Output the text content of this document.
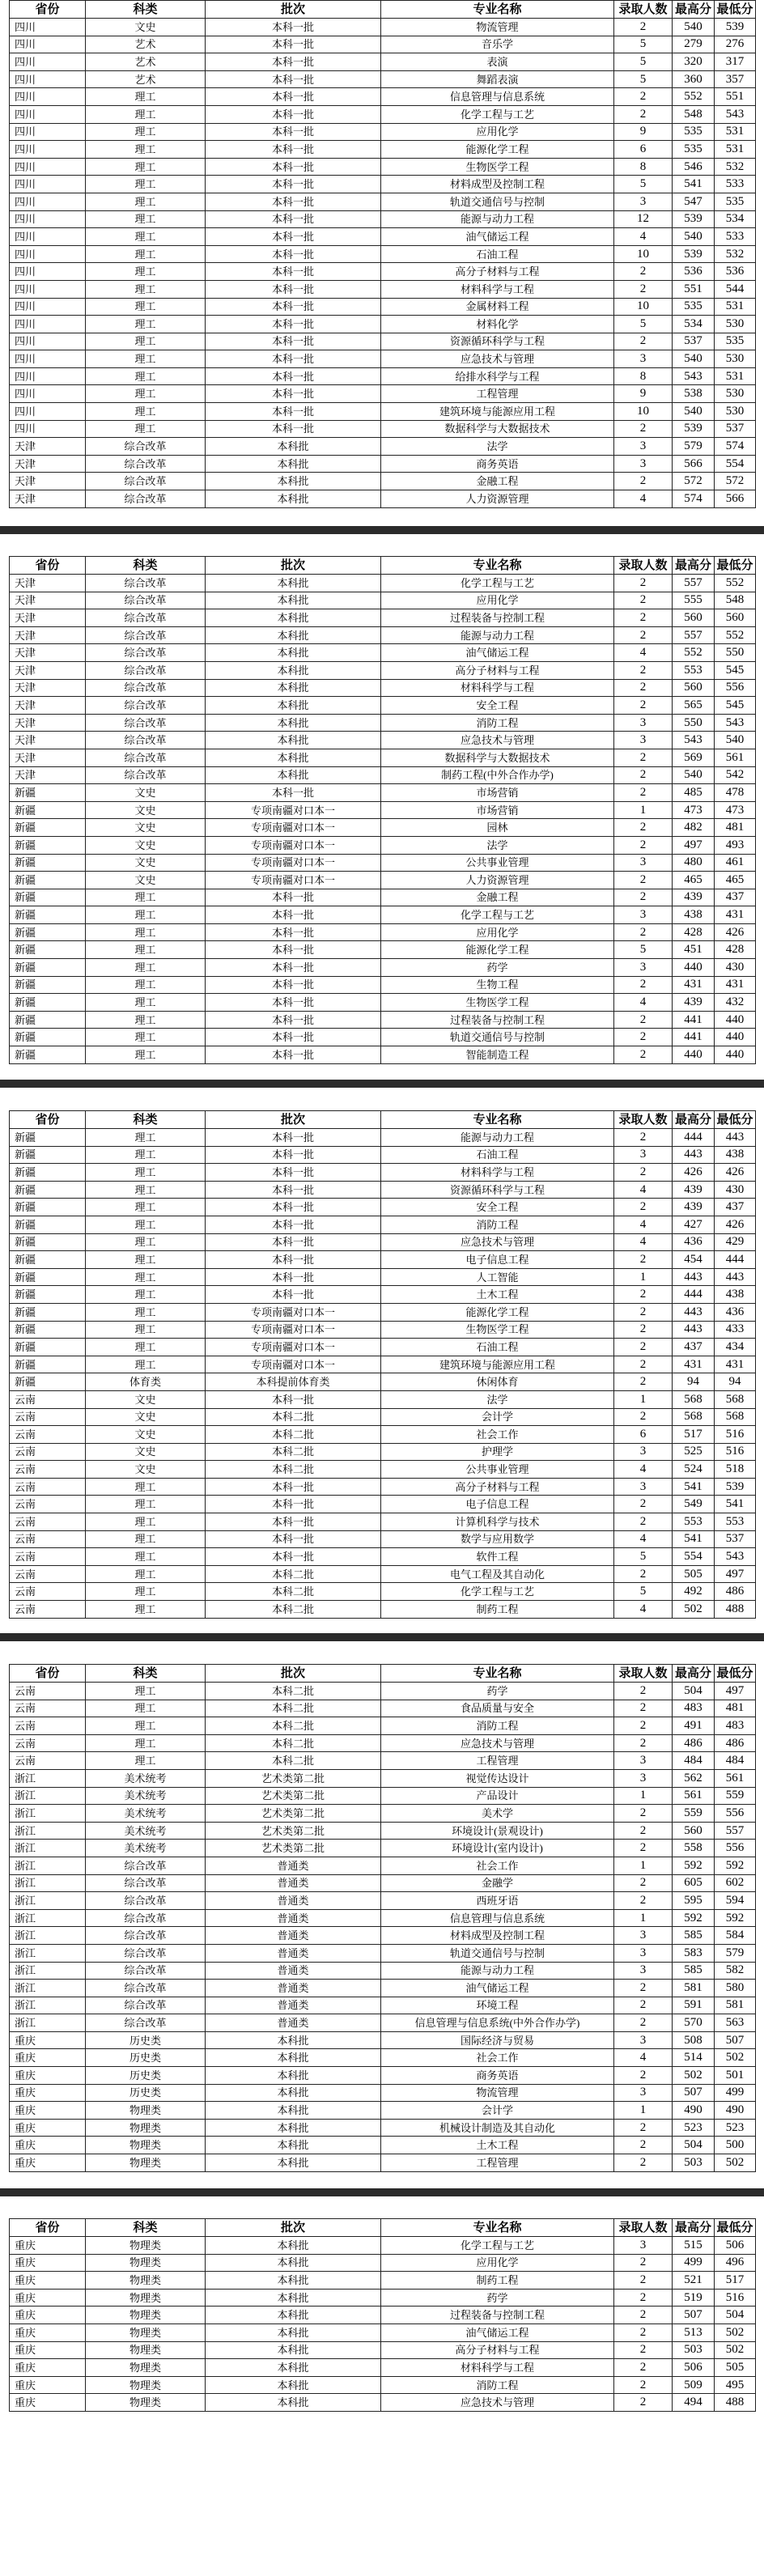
省份	科类	批次	专业名称	录取人数	最高分	最低分
四川	文史	本科一批	物流管理	2	540	539
四川	艺术	本科一批	音乐学	5	279	276
四川	艺术	本科一批	表演	5	320	317
四川	艺术	本科一批	舞蹈表演	5	360	357
四川	理工	本科一批	信息管理与信息系统	2	552	551
四川	理工	本科一批	化学工程与工艺	2	548	543
四川	理工	本科一批	应用化学	9	535	531
四川	理工	本科一批	能源化学工程	6	535	531
四川	理工	本科一批	生物医学工程	8	546	532
四川	理工	本科一批	材料成型及控制工程	5	541	533
四川	理工	本科一批	轨道交通信号与控制	3	547	535
四川	理工	本科一批	能源与动力工程	12	539	534
四川	理工	本科一批	油气储运工程	4	540	533
四川	理工	本科一批	石油工程	10	539	532
四川	理工	本科一批	高分子材料与工程	2	536	536
四川	理工	本科一批	材料科学与工程	2	551	544
四川	理工	本科一批	金属材料工程	10	535	531
四川	理工	本科一批	材料化学	5	534	530
四川	理工	本科一批	资源循环科学与工程	2	537	535
四川	理工	本科一批	应急技术与管理	3	540	530
四川	理工	本科一批	给排水科学与工程	8	543	531
四川	理工	本科一批	工程管理	9	538	530
四川	理工	本科一批	建筑环境与能源应用工程	10	540	530
四川	理工	本科一批	数据科学与大数据技术	2	539	537
天津	综合改革	本科批	法学	3	579	574
天津	综合改革	本科批	商务英语	3	566	554
天津	综合改革	本科批	金融工程	2	572	572
天津	综合改革	本科批	人力资源管理	4	574	566
省份	科类	批次	专业名称	录取人数	最高分	最低分
天津	综合改革	本科批	化学工程与工艺	2	557	552
天津	综合改革	本科批	应用化学	2	555	548
天津	综合改革	本科批	过程装备与控制工程	2	560	560
天津	综合改革	本科批	能源与动力工程	2	557	552
天津	综合改革	本科批	油气储运工程	4	552	550
天津	综合改革	本科批	高分子材料与工程	2	553	545
天津	综合改革	本科批	材料科学与工程	2	560	556
天津	综合改革	本科批	安全工程	2	565	545
天津	综合改革	本科批	消防工程	3	550	543
天津	综合改革	本科批	应急技术与管理	3	543	540
天津	综合改革	本科批	数据科学与大数据技术	2	569	561
天津	综合改革	本科批	制药工程(中外合作办学)	2	540	542
新疆	文史	本科一批	市场营销	2	485	478
新疆	文史	专项南疆对口本一	市场营销	1	473	473
新疆	文史	专项南疆对口本一	园林	2	482	481
新疆	文史	专项南疆对口本一	法学	2	497	493
新疆	文史	专项南疆对口本一	公共事业管理	3	480	461
新疆	文史	专项南疆对口本一	人力资源管理	2	465	465
新疆	理工	本科一批	金融工程	2	439	437
新疆	理工	本科一批	化学工程与工艺	3	438	431
新疆	理工	本科一批	应用化学	2	428	426
新疆	理工	本科一批	能源化学工程	5	451	428
新疆	理工	本科一批	药学	3	440	430
新疆	理工	本科一批	生物工程	2	431	431
新疆	理工	本科一批	生物医学工程	4	439	432
新疆	理工	本科一批	过程装备与控制工程	2	441	440
新疆	理工	本科一批	轨道交通信号与控制	2	441	440
新疆	理工	本科一批	智能制造工程	2	440	440
省份	科类	批次	专业名称	录取人数	最高分	最低分
新疆	理工	本科一批	能源与动力工程	2	444	443
新疆	理工	本科一批	石油工程	3	443	438
新疆	理工	本科一批	材料科学与工程	2	426	426
新疆	理工	本科一批	资源循环科学与工程	4	439	430
新疆	理工	本科一批	安全工程	2	439	437
新疆	理工	本科一批	消防工程	4	427	426
新疆	理工	本科一批	应急技术与管理	4	436	429
新疆	理工	本科一批	电子信息工程	2	454	444
新疆	理工	本科一批	人工智能	1	443	443
新疆	理工	本科一批	土木工程	2	444	438
新疆	理工	专项南疆对口本一	能源化学工程	2	443	436
新疆	理工	专项南疆对口本一	生物医学工程	2	443	433
新疆	理工	专项南疆对口本一	石油工程	2	437	434
新疆	理工	专项南疆对口本一	建筑环境与能源应用工程	2	431	431
新疆	体育类	本科提前体育类	休闲体育	2	94	94
云南	文史	本科一批	法学	1	568	568
云南	文史	本科二批	会计学	2	568	568
云南	文史	本科二批	社会工作	6	517	516
云南	文史	本科二批	护理学	3	525	516
云南	文史	本科二批	公共事业管理	4	524	518
云南	理工	本科一批	高分子材料与工程	3	541	539
云南	理工	本科一批	电子信息工程	2	549	541
云南	理工	本科一批	计算机科学与技术	2	553	553
云南	理工	本科一批	数学与应用数学	4	541	537
云南	理工	本科一批	软件工程	5	554	543
云南	理工	本科二批	电气工程及其自动化	2	505	497
云南	理工	本科二批	化学工程与工艺	5	492	486
云南	理工	本科二批	制药工程	4	502	488
省份	科类	批次	专业名称	录取人数	最高分	最低分
云南	理工	本科二批	药学	2	504	497
云南	理工	本科二批	食品质量与安全	2	483	481
云南	理工	本科二批	消防工程	2	491	483
云南	理工	本科二批	应急技术与管理	2	486	486
云南	理工	本科二批	工程管理	3	484	484
浙江	美术统考	艺术类第二批	视觉传达设计	3	562	561
浙江	美术统考	艺术类第二批	产品设计	1	561	559
浙江	美术统考	艺术类第二批	美术学	2	559	556
浙江	美术统考	艺术类第二批	环境设计(景观设计)	2	560	557
浙江	美术统考	艺术类第二批	环境设计(室内设计)	2	558	556
浙江	综合改革	普通类	社会工作	1	592	592
浙江	综合改革	普通类	金融学	2	605	602
浙江	综合改革	普通类	西班牙语	2	595	594
浙江	综合改革	普通类	信息管理与信息系统	1	592	592
浙江	综合改革	普通类	材料成型及控制工程	3	585	584
浙江	综合改革	普通类	轨道交通信号与控制	3	583	579
浙江	综合改革	普通类	能源与动力工程	3	585	582
浙江	综合改革	普通类	油气储运工程	2	581	580
浙江	综合改革	普通类	环境工程	2	591	581
浙江	综合改革	普通类	信息管理与信息系统(中外合作办学)	2	570	563
重庆	历史类	本科批	国际经济与贸易	3	508	507
重庆	历史类	本科批	社会工作	4	514	502
重庆	历史类	本科批	商务英语	2	502	501
重庆	历史类	本科批	物流管理	3	507	499
重庆	物理类	本科批	会计学	1	490	490
重庆	物理类	本科批	机械设计制造及其自动化	2	523	523
重庆	物理类	本科批	土木工程	2	504	500
重庆	物理类	本科批	工程管理	2	503	502
省份	科类	批次	专业名称	录取人数	最高分	最低分
重庆	物理类	本科批	化学工程与工艺	3	515	506
重庆	物理类	本科批	应用化学	2	499	496
重庆	物理类	本科批	制药工程	2	521	517
重庆	物理类	本科批	药学	2	519	516
重庆	物理类	本科批	过程装备与控制工程	2	507	504
重庆	物理类	本科批	油气储运工程	2	513	502
重庆	物理类	本科批	高分子材料与工程	2	503	502
重庆	物理类	本科批	材料科学与工程	2	506	505
重庆	物理类	本科批	消防工程	2	509	495
重庆	物理类	本科批	应急技术与管理	2	494	488
